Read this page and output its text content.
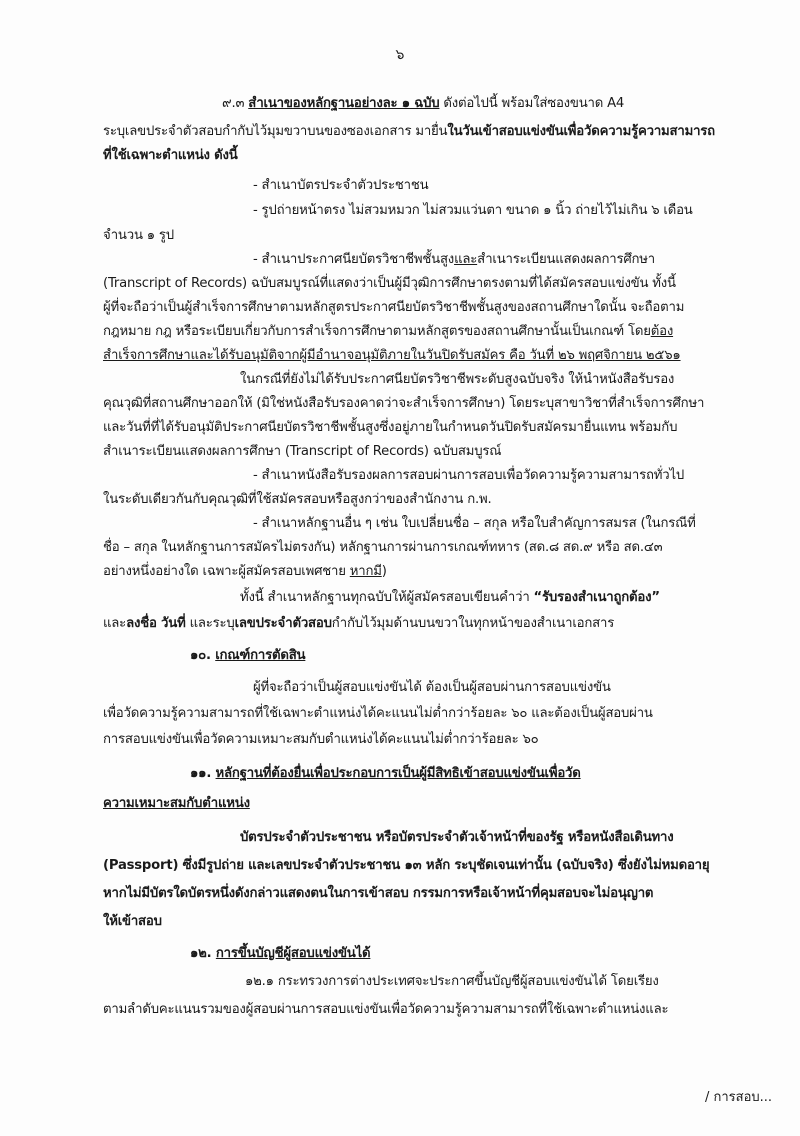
๖
๙.๓ สำเนาของหลักฐานอย่างละ ๑ ฉบับ ดังต่อไปนี้ พร้อมใส่ซองขนาด A4
ระบุเลขประจำตัวสอบกำกับไว้มุมขวาบนของซองเอกสาร มายื่นในวันเข้าสอบแข่งขันเพื่อวัดความรู้ความสามารถ
ที่ใช้เฉพาะตำแหน่ง ดังนี้
- สำเนาบัตรประจำตัวประชาชน
- รูปถ่ายหน้าตรง ไม่สวมหมวก ไม่สวมแว่นตา ขนาด ๑ นิ้ว ถ่ายไว้ไม่เกิน ๖ เดือน
จำนวน ๑ รูป
- สำเนาประกาศนียบัตรวิชาชีพชั้นสูงและสำเนาระเบียนแสดงผลการศึกษา
(Transcript of Records) ฉบับสมบูรณ์ที่แสดงว่าเป็นผู้มีวุฒิการศึกษาตรงตามที่ได้สมัครสอบแข่งขัน ทั้งนี้
ผู้ที่จะถือว่าเป็นผู้สำเร็จการศึกษาตามหลักสูตรประกาศนียบัตรวิชาชีพชั้นสูงของสถานศึกษาใดนั้น จะถือตาม
กฎหมาย กฎ หรือระเบียบเกี่ยวกับการสำเร็จการศึกษาตามหลักสูตรของสถานศึกษานั้นเป็นเกณฑ์ โดยต้อง
สำเร็จการศึกษาและได้รับอนุมัติจากผู้มีอำนาจอนุมัติภายในวันปิดรับสมัคร คือ วันที่ ๒๖ พฤศจิกายน ๒๕๖๑
ในกรณีที่ยังไม่ได้รับประกาศนียบัตรวิชาชีพระดับสูงฉบับจริง ให้นำหนังสือรับรอง
คุณวุฒิที่สถานศึกษาออกให้ (มิใช่หนังสือรับรองคาดว่าจะสำเร็จการศึกษา) โดยระบุสาขาวิชาที่สำเร็จการศึกษา
และวันที่ที่ได้รับอนุมัติประกาศนียบัตรวิชาชีพชั้นสูงซึ่งอยู่ภายในกำหนดวันปิดรับสมัครมายื่นแทน พร้อมกับ
สำเนาระเบียนแสดงผลการศึกษา (Transcript of Records) ฉบับสมบูรณ์
- สำเนาหนังสือรับรองผลการสอบผ่านการสอบเพื่อวัดความรู้ความสามารถทั่วไป
ในระดับเดียวกันกับคุณวุฒิที่ใช้สมัครสอบหรือสูงกว่าของสำนักงาน ก.พ.
- สำเนาหลักฐานอื่น ๆ เช่น ใบเปลี่ยนชื่อ – สกุล หรือใบสำคัญการสมรส (ในกรณีที่
ชื่อ – สกุล ในหลักฐานการสมัครไม่ตรงกัน) หลักฐานการผ่านการเกณฑ์ทหาร (สด.๘ สด.๙ หรือ สด.๔๓
อย่างหนึ่งอย่างใด เฉพาะผู้สมัครสอบเพศชาย หากมี)
ทั้งนี้ สำเนาหลักฐานทุกฉบับให้ผู้สมัครสอบเขียนคำว่า “รับรองสำเนาถูกต้อง”
และลงชื่อ วันที่ และระบุเลขประจำตัวสอบกำกับไว้มุมด้านบนขวาในทุกหน้าของสำเนาเอกสาร
๑๐. เกณฑ์การตัดสิน
ผู้ที่จะถือว่าเป็นผู้สอบแข่งขันได้ ต้องเป็นผู้สอบผ่านการสอบแข่งขัน
เพื่อวัดความรู้ความสามารถที่ใช้เฉพาะตำแหน่งได้คะแนนไม่ต่ำกว่าร้อยละ ๖๐ และต้องเป็นผู้สอบผ่าน
การสอบแข่งขันเพื่อวัดความเหมาะสมกับตำแหน่งได้คะแนนไม่ต่ำกว่าร้อยละ ๖๐
๑๑. หลักฐานที่ต้องยื่นเพื่อประกอบการเป็นผู้มีสิทธิเข้าสอบแข่งขันเพื่อวัด
ความเหมาะสมกับตำแหน่ง
บัตรประจำตัวประชาชน หรือบัตรประจำตัวเจ้าหน้าที่ของรัฐ หรือหนังสือเดินทาง
(Passport) ซึ่งมีรูปถ่าย และเลขประจำตัวประชาชน ๑๓ หลัก ระบุชัดเจนเท่านั้น (ฉบับจริง) ซึ่งยังไม่หมดอายุ
หากไม่มีบัตรใดบัตรหนึ่งดังกล่าวแสดงตนในการเข้าสอบ กรรมการหรือเจ้าหน้าที่คุมสอบจะไม่อนุญาต
ให้เข้าสอบ
๑๒. การขึ้นบัญชีผู้สอบแข่งขันได้
๑๒.๑ กระทรวงการต่างประเทศจะประกาศขึ้นบัญชีผู้สอบแข่งขันได้ โดยเรียง
ตามลำดับคะแนนรวมของผู้สอบผ่านการสอบแข่งขันเพื่อวัดความรู้ความสามารถที่ใช้เฉพาะตำแหน่งและ
/ การสอบ...
